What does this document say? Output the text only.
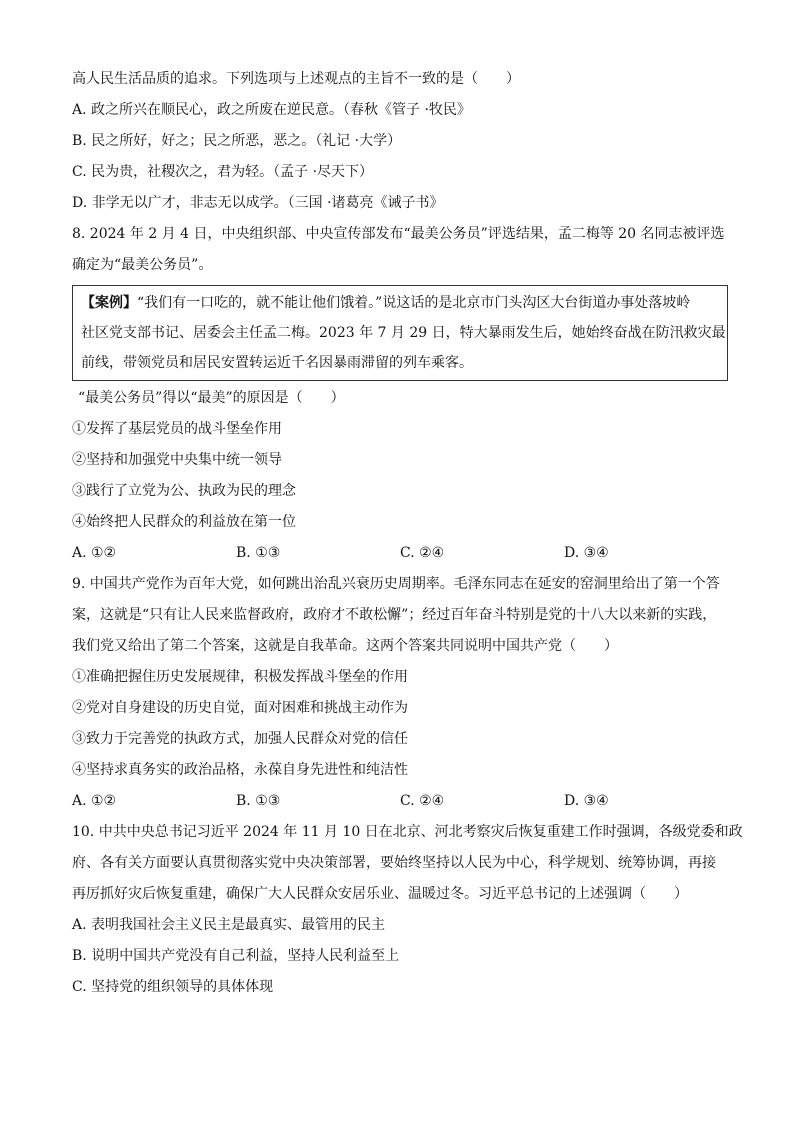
高人民生活品质的追求。下列选项与上述观点的主旨不一致的是（　　）
A. 政之所兴在顺民心，政之所废在逆民意。（春秋《管子 ·牧民》
B. 民之所好，好之；民之所恶，恶之。（礼记 ·大学）
C. 民为贵，社稷次之，君为轻。（孟子 ·尽天下）
D. 非学无以广才，非志无以成学。（三国 ·诸葛亮《诫子书》
8. 2024 年 2 月 4 日，中央组织部、中央宣传部发布“最美公务员”评选结果，孟二梅等 20 名同志被评选
确定为“最美公务员”。
【案例】“我们有一口吃的，就不能让他们饿着。”说这话的是北京市门头沟区大台街道办事处落坡岭
社区党支部书记、居委会主任孟二梅。2023 年 7 月 29 日，特大暴雨发生后，她始终奋战在防汛救灾最
前线，带领党员和居民安置转运近千名因暴雨滞留的列车乘客。
“最美公务员”得以“最美”的原因是（　　）
①发挥了基层党员的战斗堡垒作用
②坚持和加强党中央集中统一领导
③践行了立党为公、执政为民的理念
④始终把人民群众的利益放在第一位
A. ①②	B. ①③	C. ②④	D. ③④
9. 中国共产党作为百年大党，如何跳出治乱兴衰历史周期率。毛泽东同志在延安的窑洞里给出了第一个答
案，这就是“只有让人民来监督政府，政府才不敢松懈”；经过百年奋斗特别是党的十八大以来新的实践，
我们党又给出了第二个答案，这就是自我革命。这两个答案共同说明中国共产党（　　）
①准确把握住历史发展规律，积极发挥战斗堡垒的作用
②党对自身建设的历史自觉，面对困难和挑战主动作为
③致力于完善党的执政方式，加强人民群众对党的信任
④坚持求真务实的政治品格，永葆自身先进性和纯洁性
A. ①②	B. ①③	C. ②④	D. ③④
10. 中共中央总书记习近平 2024 年 11 月 10 日在北京、河北考察灾后恢复重建工作时强调，各级党委和政
府、各有关方面要认真贯彻落实党中央决策部署，要始终坚持以人民为中心，科学规划、统筹协调，再接
再厉抓好灾后恢复重建，确保广大人民群众安居乐业、温暖过冬。习近平总书记的上述强调（　　）
A. 表明我国社会主义民主是最真实、最管用的民主
B. 说明中国共产党没有自己利益，坚持人民利益至上
C. 坚持党的组织领导的具体体现
